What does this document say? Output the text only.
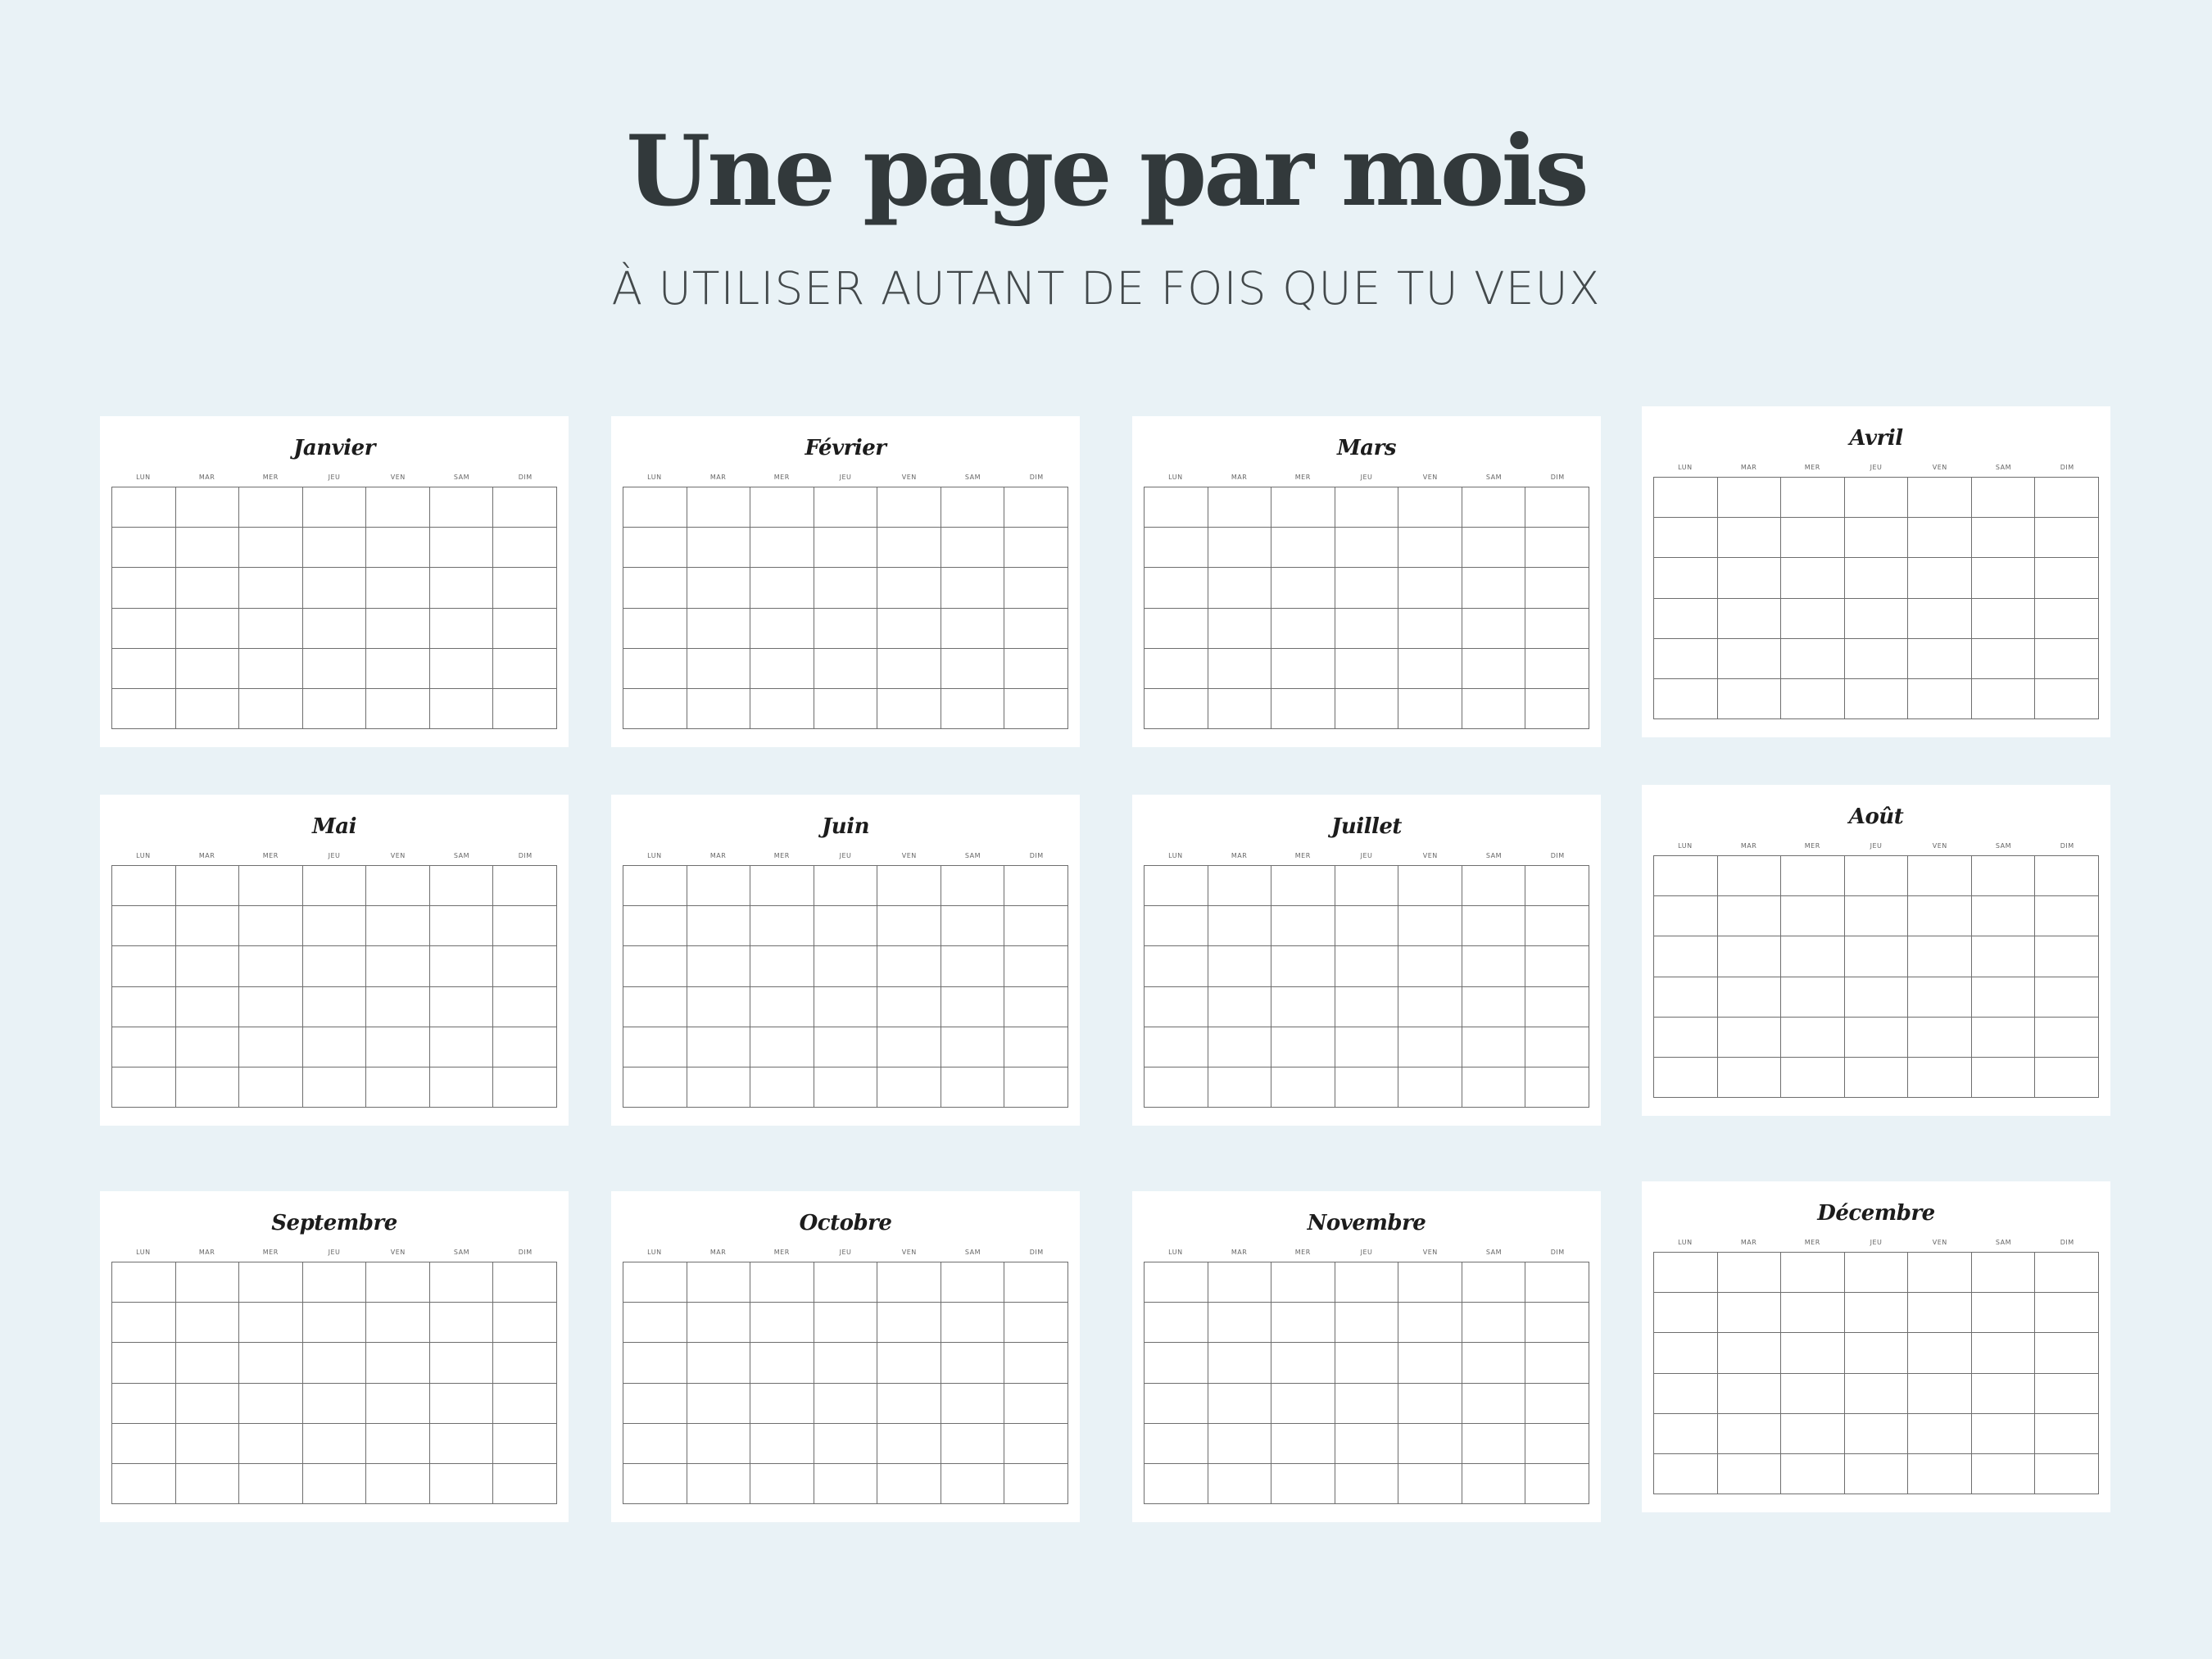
Une page par mois
À UTILISER AUTANT DE FOIS QUE TU VEUX
Janvier
LUN	MAR	MER	JEU	VEN	SAM	DIM
Février
LUN	MAR	MER	JEU	VEN	SAM	DIM
Mars
LUN	MAR	MER	JEU	VEN	SAM	DIM
Avril
LUN	MAR	MER	JEU	VEN	SAM	DIM
Mai
LUN	MAR	MER	JEU	VEN	SAM	DIM
Juin
LUN	MAR	MER	JEU	VEN	SAM	DIM
Juillet
LUN	MAR	MER	JEU	VEN	SAM	DIM
Août
LUN	MAR	MER	JEU	VEN	SAM	DIM
Septembre
LUN	MAR	MER	JEU	VEN	SAM	DIM
Octobre
LUN	MAR	MER	JEU	VEN	SAM	DIM
Novembre
LUN	MAR	MER	JEU	VEN	SAM	DIM
Décembre
LUN	MAR	MER	JEU	VEN	SAM	DIM
